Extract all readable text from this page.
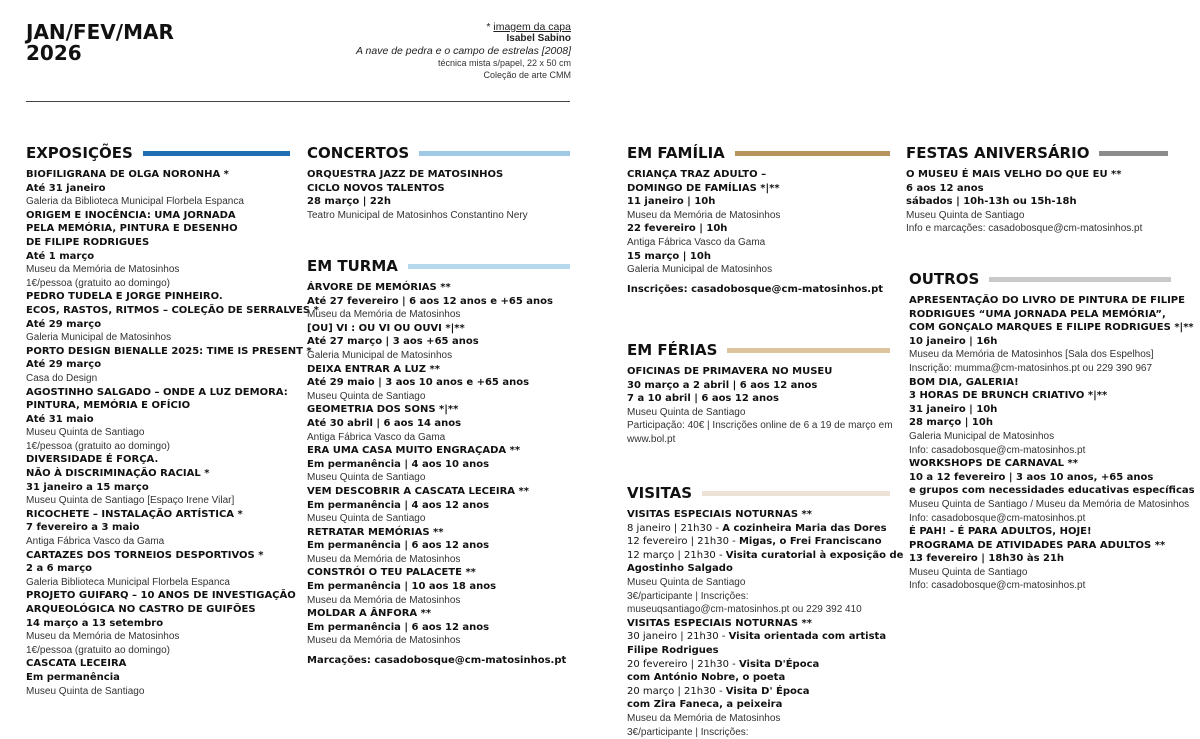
JAN/FEV/MAR
2026
* imagem da capa
Isabel Sabino
A nave de pedra e o campo de estrelas [2008]
técnica mista s/papel, 22 x 50 cm
Coleção de arte CMM
EXPOSIÇÕES
BIOFILIGRANA DE OLGA NORONHA *
Até 31 janeiro
Galeria da Biblioteca Municipal Florbela Espanca
ORIGEM E INOCÊNCIA: UMA JORNADA
PELA MEMÓRIA, PINTURA E DESENHO
DE FILIPE RODRIGUES
Até 1 março
Museu da Memória de Matosinhos
1€/pessoa (gratuito ao domingo)
PEDRO TUDELA E JORGE PINHEIRO.
ECOS, RASTOS, RITMOS – COLEÇÃO DE SERRALVES *
Até 29 março
Galeria Municipal de Matosinhos
PORTO DESIGN BIENALLE 2025: TIME IS PRESENT *
Até 29 março
Casa do Design
AGOSTINHO SALGADO – ONDE A LUZ DEMORA:
PINTURA, MEMÓRIA E OFÍCIO
Até 31 maio
Museu Quinta de Santiago
1€/pessoa (gratuito ao domingo)
DIVERSIDADE É FORÇA.
NÃO À DISCRIMINAÇÃO RACIAL *
31 janeiro a 15 março
Museu Quinta de Santiago [Espaço Irene Vilar]
RICOCHETE – INSTALAÇÃO ARTÍSTICA *
7 fevereiro a 3 maio
Antiga Fábrica Vasco da Gama
CARTAZES DOS TORNEIOS DESPORTIVOS *
2 a 6 março
Galeria Biblioteca Municipal Florbela Espanca
PROJETO GUIFARQ – 10 ANOS DE INVESTIGAÇÃO
ARQUEOLÓGICA NO CASTRO DE GUIFÕES
14 março a 13 setembro
Museu da Memória de Matosinhos
1€/pessoa (gratuito ao domingo)
CASCATA LECEIRA
Em permanência
Museu Quinta de Santiago
CONCERTOS
ORQUESTRA JAZZ DE MATOSINHOS
CICLO NOVOS TALENTOS
28 março | 22h
Teatro Municipal de Matosinhos Constantino Nery
EM TURMA
ÁRVORE DE MEMÓRIAS **
Até 27 fevereiro | 6 aos 12 anos e +65 anos
Museu da Memória de Matosinhos
[OU] VI : OU VI OU OUVI *|**
Até 27 março | 3 aos +65 anos
Galeria Municipal de Matosinhos
DEIXA ENTRAR A LUZ **
Até 29 maio | 3 aos 10 anos e +65 anos
Museu Quinta de Santiago
GEOMETRIA DOS SONS *|**
Até 30 abril | 6 aos 14 anos
Antiga Fábrica Vasco da Gama
ERA UMA CASA MUITO ENGRAÇADA **
Em permanência | 4 aos 10 anos
Museu Quinta de Santiago
VEM DESCOBRIR A CASCATA LECEIRA **
Em permanência | 4 aos 12 anos
Museu Quinta de Santiago
RETRATAR MEMÓRIAS **
Em permanência | 6 aos 12 anos
Museu da Memória de Matosinhos
CONSTRÓI O TEU PALACETE **
Em permanência | 10 aos 18 anos
Museu da Memória de Matosinhos
MOLDAR A ÂNFORA **
Em permanência | 6 aos 12 anos
Museu da Memória de Matosinhos
Marcações: casadobosque@cm-matosinhos.pt
EM FAMÍLIA
CRIANÇA TRAZ ADULTO –
DOMINGO DE FAMÍLIAS *|**
11 janeiro | 10h
Museu da Memória de Matosinhos
22 fevereiro | 10h
Antiga Fábrica Vasco da Gama
15 março | 10h
Galeria Municipal de Matosinhos
Inscrições: casadobosque@cm-matosinhos.pt
EM FÉRIAS
OFICINAS DE PRIMAVERA NO MUSEU
30 março a 2 abril | 6 aos 12 anos
7 a 10 abril | 6 aos 12 anos
Museu Quinta de Santiago
Participação: 40€ | Inscrições online de 6 a 19 de março em
www.bol.pt
VISITAS
VISITAS ESPECIAIS NOTURNAS **
8 janeiro | 21h30 - A cozinheira Maria das Dores
12 fevereiro | 21h30 - Migas, o Frei Franciscano
12 março | 21h30 - Visita curatorial à exposição de
Agostinho Salgado
Museu Quinta de Santiago
3€/participante | Inscrições:
museuqsantiago@cm-matosinhos.pt ou 229 392 410
VISITAS ESPECIAIS NOTURNAS **
30 janeiro | 21h30 - Visita orientada com artista
Filipe Rodrigues
20 fevereiro | 21h30 - Visita D'Época
com António Nobre, o poeta
20 março | 21h30 - Visita D' Época
com Zira Faneca, a peixeira
Museu da Memória de Matosinhos
3€/participante | Inscrições:
FESTAS ANIVERSÁRIO
O MUSEU É MAIS VELHO DO QUE EU **
6 aos 12 anos
sábados | 10h-13h ou 15h-18h
Museu Quinta de Santiago
Info e marcações: casadobosque@cm-matosinhos.pt
OUTROS
APRESENTAÇÃO DO LIVRO DE PINTURA DE FILIPE
RODRIGUES “UMA JORNADA PELA MEMÓRIA”,
COM GONÇALO MARQUES E FILIPE RODRIGUES *|**
10 janeiro | 16h
Museu da Memória de Matosinhos [Sala dos Espelhos]
Inscrição: mumma@cm-matosinhos.pt ou 229 390 967
BOM DIA, GALERIA!
3 HORAS DE BRUNCH CRIATIVO *|**
31 janeiro | 10h
28 março | 10h
Galeria Municipal de Matosinhos
Info: casadobosque@cm-matosinhos.pt
WORKSHOPS DE CARNAVAL **
10 a 12 fevereiro | 3 aos 10 anos, +65 anos
e grupos com necessidades educativas específicas
Museu Quinta de Santiago / Museu da Memória de Matosinhos
Info: casadobosque@cm-matosinhos.pt
É PAH! - É PARA ADULTOS, HOJE!
PROGRAMA DE ATIVIDADES PARA ADULTOS **
13 fevereiro | 18h30 às 21h
Museu Quinta de Santiago
Info: casadobosque@cm-matosinhos.pt
